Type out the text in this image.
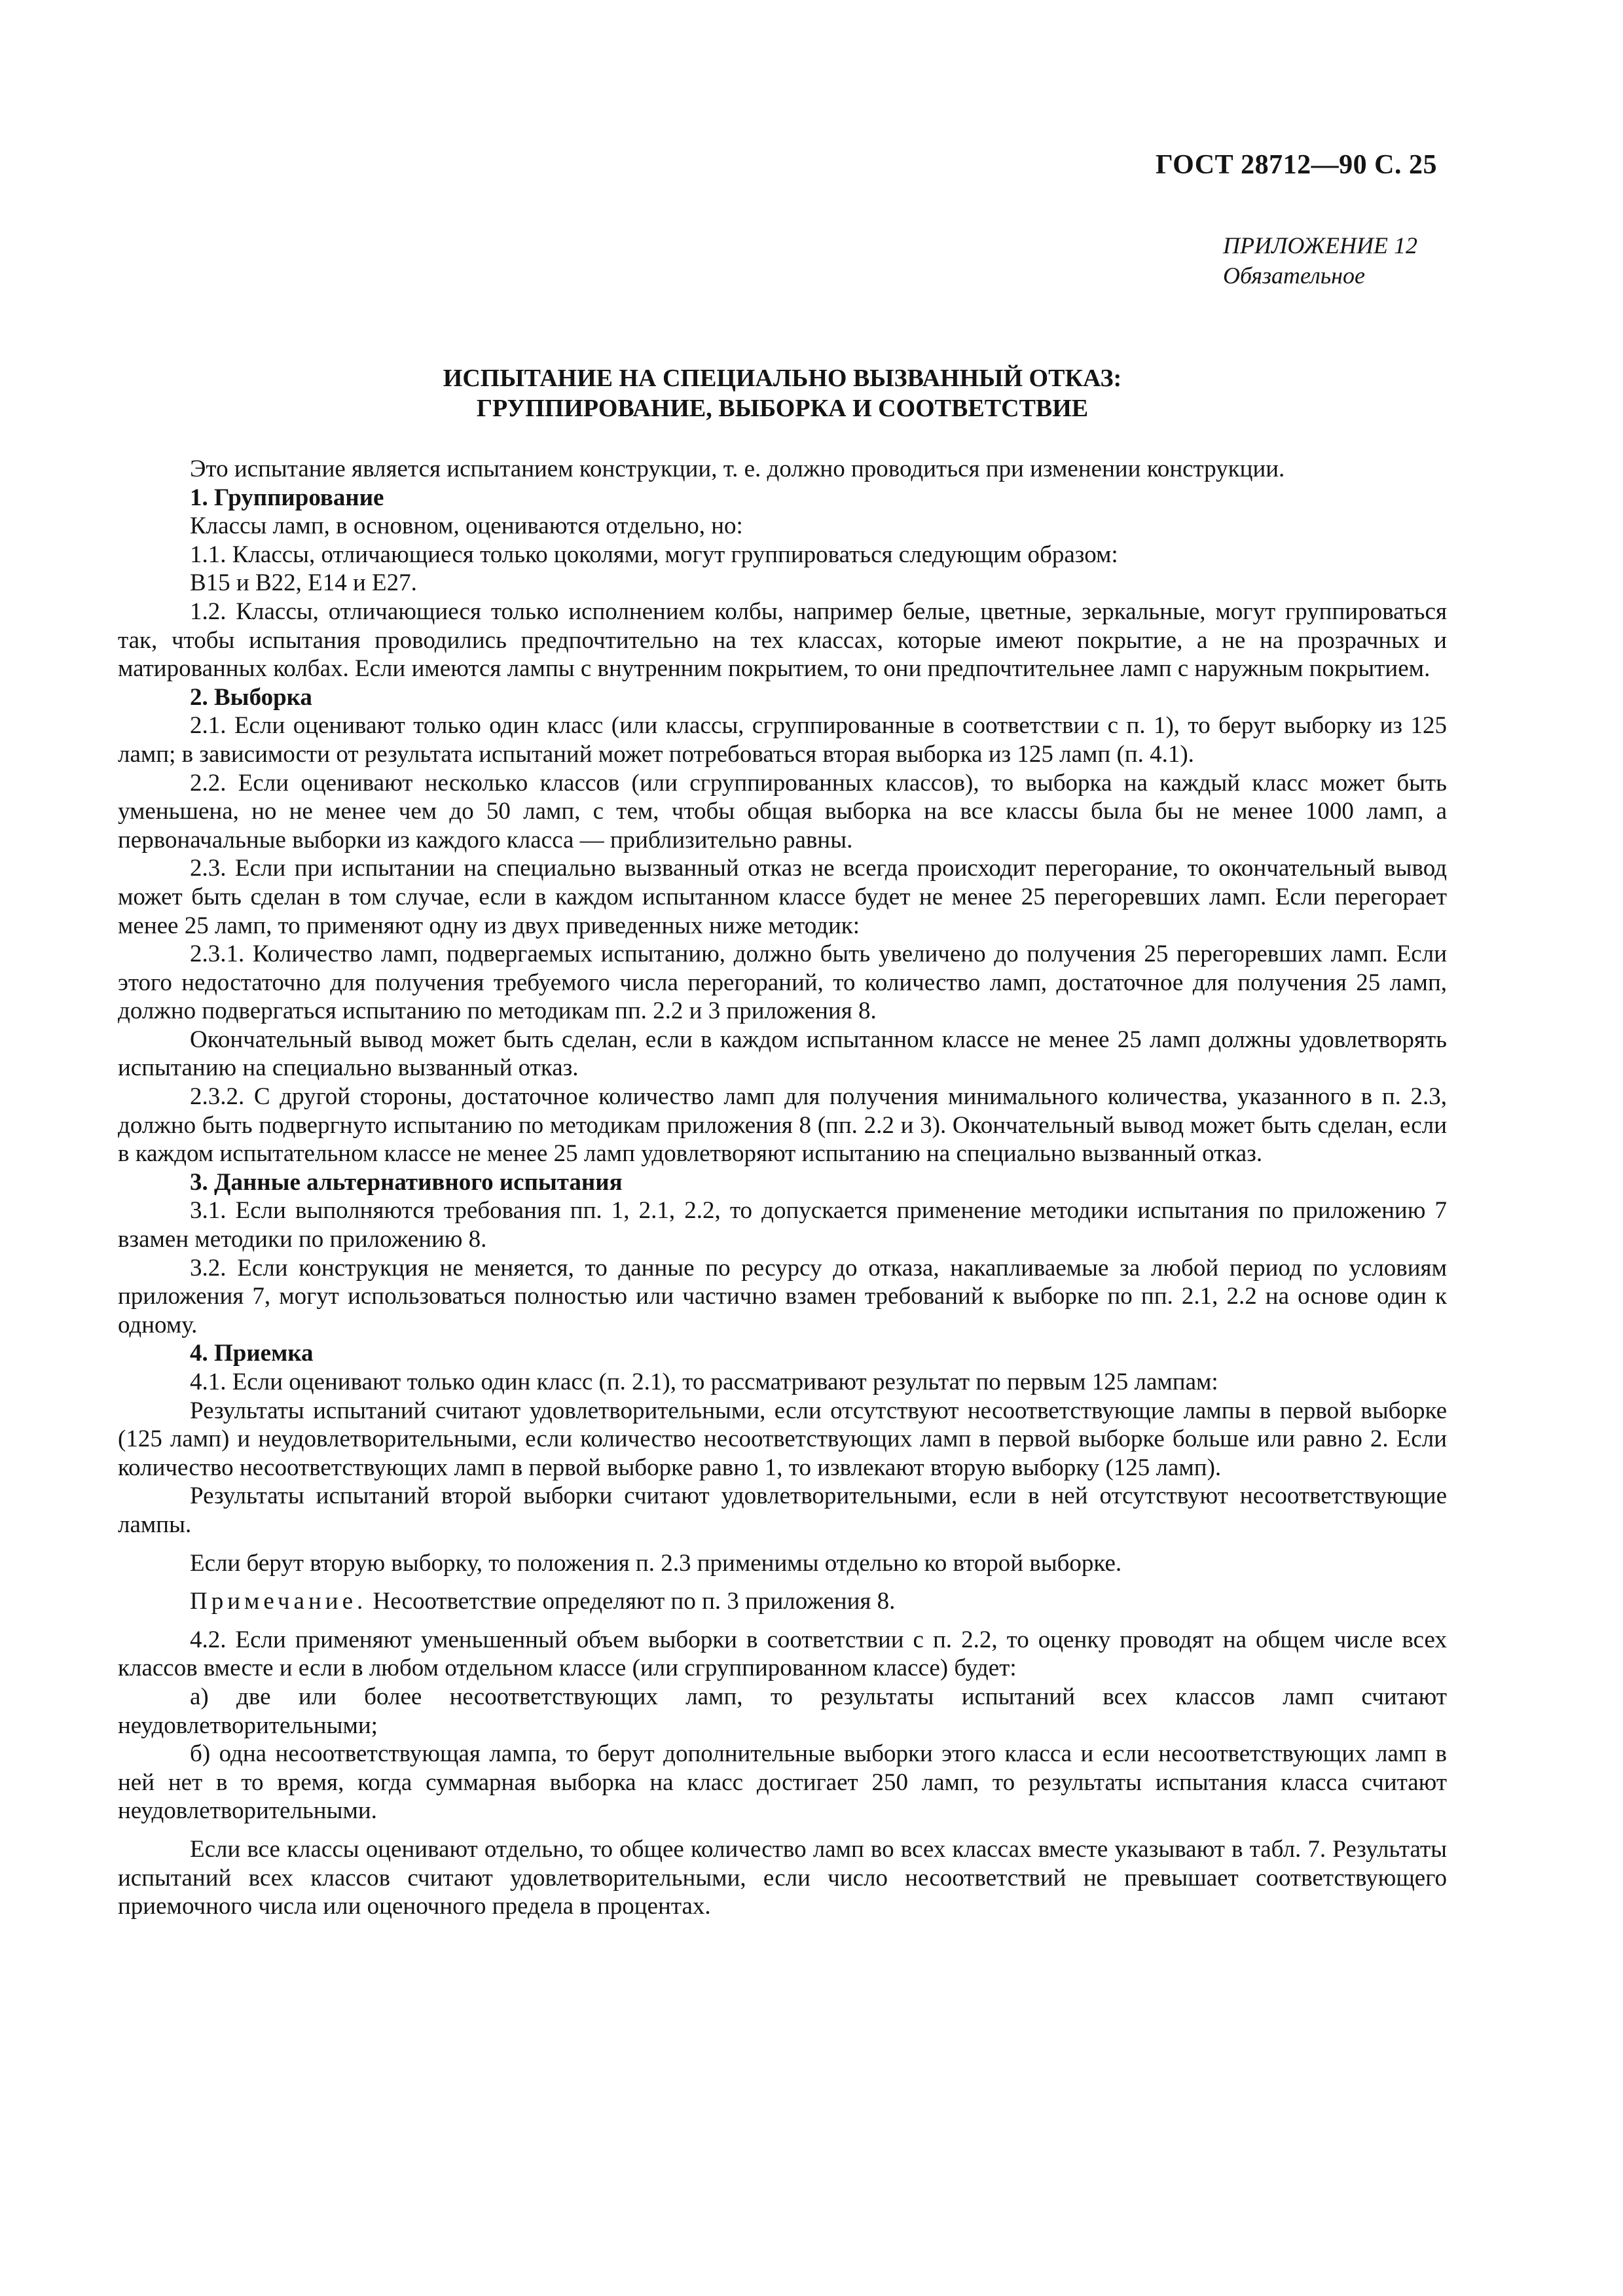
ГОСТ 28712—90 С. 25
ПРИЛОЖЕНИЕ 12
Обязательное
ИСПЫТАНИЕ НА СПЕЦИАЛЬНО ВЫЗВАННЫЙ ОТКАЗ:
ГРУППИРОВАНИЕ, ВЫБОРКА И СООТВЕТСТВИЕ

Это испытание является испытанием конструкции, т. е. должно проводиться при изменении конструкции.

1. Группирование

Классы ламп, в основном, оцениваются отдельно, но:

1.1. Классы, отличающиеся только цоколями, могут группироваться следующим образом:

B15 и B22, E14 и E27.

1.2. Классы, отличающиеся только исполнением колбы, например белые, цветные, зеркальные, могут группироваться так, чтобы испытания проводились предпочтительно на тех классах, которые имеют покрытие, а не на прозрачных и матированных колбах. Если имеются лампы с внутренним покрытием, то они предпочтительнее ламп с наружным покрытием.

2. Выборка

2.1. Если оценивают только один класс (или классы, сгруппированные в соответствии с п. 1), то берут выборку из 125 ламп; в зависимости от результата испытаний может потребоваться вторая выборка из 125 ламп (п. 4.1).

2.2. Если оценивают несколько классов (или сгруппированных классов), то выборка на каждый класс может быть уменьшена, но не менее чем до 50 ламп, с тем, чтобы общая выборка на все классы была бы не менее 1000 ламп, а первоначальные выборки из каждого класса — приблизительно равны.

2.3. Если при испытании на специально вызванный отказ не всегда происходит перегорание, то окончательный вывод может быть сделан в том случае, если в каждом испытанном классе будет не менее 25 перегоревших ламп. Если перегорает менее 25 ламп, то применяют одну из двух приведенных ниже методик:

2.3.1. Количество ламп, подвергаемых испытанию, должно быть увеличено до получения 25 перегоревших ламп. Если этого недостаточно для получения требуемого числа перегораний, то количество ламп, достаточное для получения 25 ламп, должно подвергаться испытанию по методикам пп. 2.2 и 3 приложения 8.

Окончательный вывод может быть сделан, если в каждом испытанном классе не менее 25 ламп должны удовлетворять испытанию на специально вызванный отказ.

2.3.2. С другой стороны, достаточное количество ламп для получения минимального количества, указанного в п. 2.3, должно быть подвергнуто испытанию по методикам приложения 8 (пп. 2.2 и 3). Окончательный вывод может быть сделан, если в каждом испытательном классе не менее 25 ламп удовлетворяют испытанию на специально вызванный отказ.

3. Данные альтернативного испытания

3.1. Если выполняются требования пп. 1, 2.1, 2.2, то допускается применение методики испытания по приложению 7 взамен методики по приложению 8.

3.2. Если конструкция не меняется, то данные по ресурсу до отказа, накапливаемые за любой период по условиям приложения 7, могут использоваться полностью или частично взамен требований к выборке по пп. 2.1, 2.2 на основе один к одному.

4. Приемка

4.1. Если оценивают только один класс (п. 2.1), то рассматривают результат по первым 125 лампам:

Результаты испытаний считают удовлетворительными, если отсутствуют несоответствующие лампы в первой выборке (125 ламп) и неудовлетворительными, если количество несоответствующих ламп в первой выборке больше или равно 2. Если количество несоответствующих ламп в первой выборке равно 1, то извлекают вторую выборку (125 ламп).

Результаты испытаний второй выборки считают удовлетворительными, если в ней отсутствуют несоответствующие лампы.

Если берут вторую выборку, то положения п. 2.3 применимы отдельно ко второй выборке.

Примечание. Несоответствие определяют по п. 3 приложения 8.

4.2. Если применяют уменьшенный объем выборки в соответствии с п. 2.2, то оценку проводят на общем числе всех классов вместе и если в любом отдельном классе (или сгруппированном классе) будет:

а) две или более несоответствующих ламп, то результаты испытаний всех классов ламп считают неудовлетворительными;

б) одна несоответствующая лампа, то берут дополнительные выборки этого класса и если несоответствующих ламп в ней нет в то время, когда суммарная выборка на класс достигает 250 ламп, то результаты испытания класса считают неудовлетворительными.

Если все классы оценивают отдельно, то общее количество ламп во всех классах вместе указывают в табл. 7. Результаты испытаний всех классов считают удовлетворительными, если число несоответствий не превышает соответствующего приемочного числа или оценочного предела в процентах.
